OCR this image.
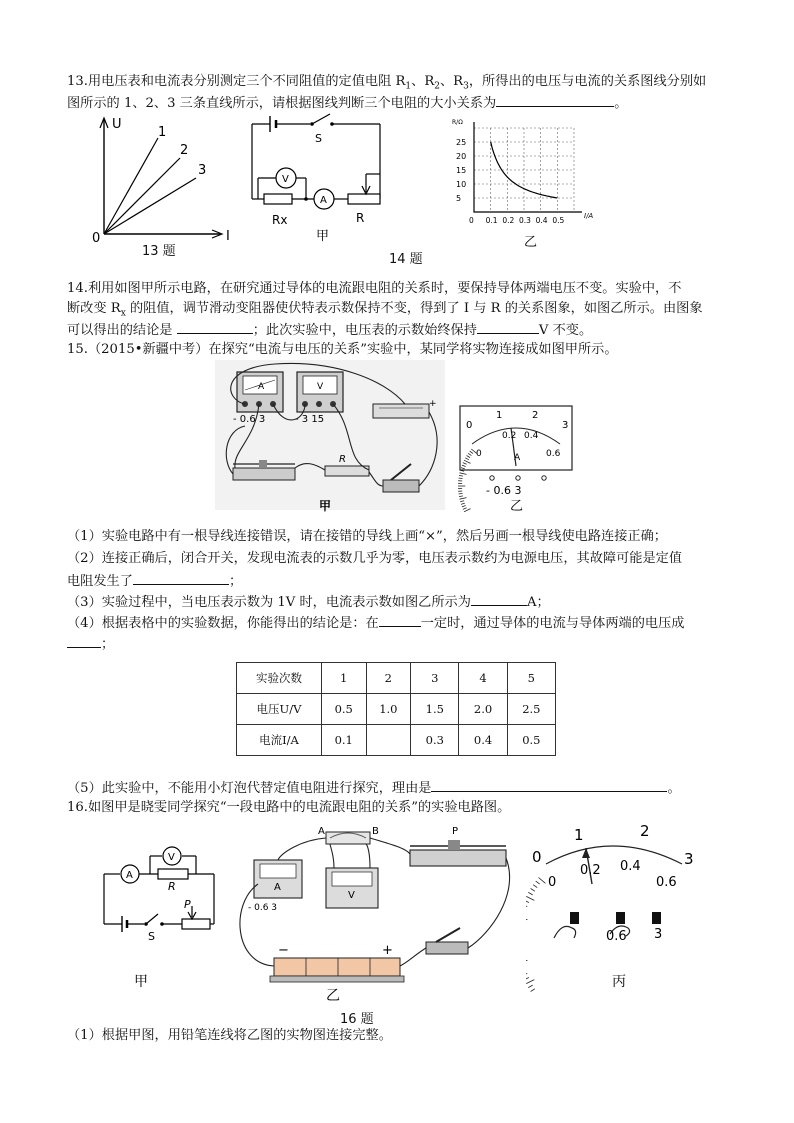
13.用电压表和电流表分别测定三个不同阻值的定值电阻 $R_1$、$R_2$、$R_3$，所得出的电压与电流的关系图线分别如
图所示的 1、2、3 三条直线所示，请根据图线判断三个电阻的大小关系为	。
U
I
0
1
2
3
13 题
S
A
V
Rx	R
甲
14 题
25
20
15
10
5
0 0.1 0.2 0.3 0.4 0.5
R/Ω
I/A
乙
14.利用如图甲所示电路，在研究通过导体的电流跟电阻的关系时，要保持导体两端电压不变。实验中，不
断改变 $R_x$ 的阻值，调节滑动变阻器使伏特表示数保持不变，得到了 I 与 R 的关系图象，如图乙所示。由图象
可以得出的结论是	；此次实验中，电压表的示数始终保持	V 不变。
15.（2015•新疆中考）在探究“电流与电压的关系”实验中，某同学将实物连接成如图甲所示。
A
- 0.6 3
V
- 3 15
+
R
甲
0
1	2
3
0
0.2 0.4
0.6
A
- 0.6 3
乙
（1）实验电路中有一根导线连接错误，请在接错的导线上画“×”，然后另画一根导线使电路连接正确；
（2）连接正确后，闭合开关，发现电流表的示数几乎为零，电压表示数约为电源电压，其故障可能是定值
电阻发生了	；
（3）实验过程中，当电压表示数为 1V 时，电流表示数如图乙所示为	A；
（4）根据表格中的实验数据，你能得出的结论是：在	一定时，通过导体的电流与导体两端的电压成
；
实验次数	1	2	3	4	5
电压U/V	0.5	1.0	1.5	2.0	2.5
电流I/A	0.1		0.3	0.4	0.5
（5）此实验中，不能用小灯泡代替定值电阻进行探究，理由是	。
16.如图甲是晓雯同学探究“一段电路中的电流跟电阻的关系”的实验电路图。
A
R
V
S
P
甲
A	B	P
A
- 0.6 3
V
−	+
乙
0
1	2
3
0
0.2 0.4
0.6
0.6 3
丙
16 题
（1）根据甲图，用铅笔连线将乙图的实物图连接完整。
